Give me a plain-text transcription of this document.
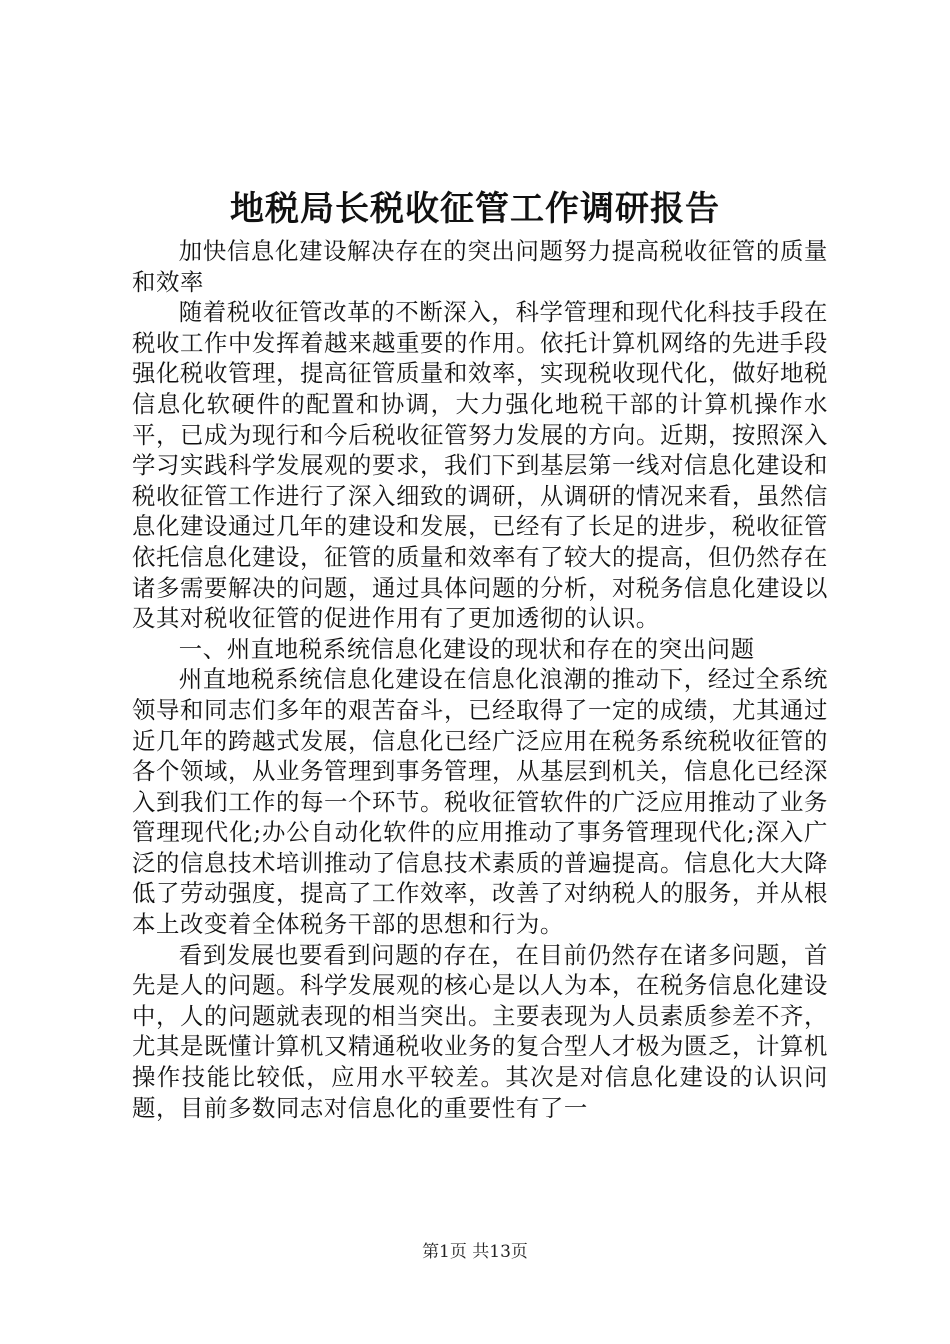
地税局长税收征管工作调研报告

加快信息化建设解决存在的突出问题努力提高税收征管的质量和效率

随着税收征管改革的不断深入，科学管理和现代化科技手段在税收工作中发挥着越来越重要的作用。依托计算机网络的先进手段强化税收管理，提高征管质量和效率，实现税收现代化，做好地税信息化软硬件的配置和协调，大力强化地税干部的计算机操作水平，已成为现行和今后税收征管努力发展的方向。近期，按照深入学习实践科学发展观的要求，我们下到基层第一线对信息化建设和税收征管工作进行了深入细致的调研，从调研的情况来看，虽然信息化建设通过几年的建设和发展，已经有了长足的进步，税收征管依托信息化建设，征管的质量和效率有了较大的提高，但仍然存在诸多需要解决的问题，通过具体问题的分析，对税务信息化建设以及其对税收征管的促进作用有了更加透彻的认识。

一、州直地税系统信息化建设的现状和存在的突出问题

州直地税系统信息化建设在信息化浪潮的推动下，经过全系统领导和同志们多年的艰苦奋斗，已经取得了一定的成绩，尤其通过近几年的跨越式发展，信息化已经广泛应用在税务系统税收征管的各个领域，从业务管理到事务管理，从基层到机关，信息化已经深入到我们工作的每一个环节。税收征管软件的广泛应用推动了业务管理现代化;办公自动化软件的应用推动了事务管理现代化;深入广泛的信息技术培训推动了信息技术素质的普遍提高。信息化大大降低了劳动强度，提高了工作效率，改善了对纳税人的服务，并从根本上改变着全体税务干部的思想和行为。

看到发展也要看到问题的存在，在目前仍然存在诸多问题，首先是人的问题。科学发展观的核心是以人为本，在税务信息化建设中，人的问题就表现的相当突出。主要表现为人员素质参差不齐，尤其是既懂计算机又精通税收业务的复合型人才极为匮乏，计算机操作技能比较低，应用水平较差。其次是对信息化建设的认识问题，目前多数同志对信息化的重要性有了一

第1页 共13页
